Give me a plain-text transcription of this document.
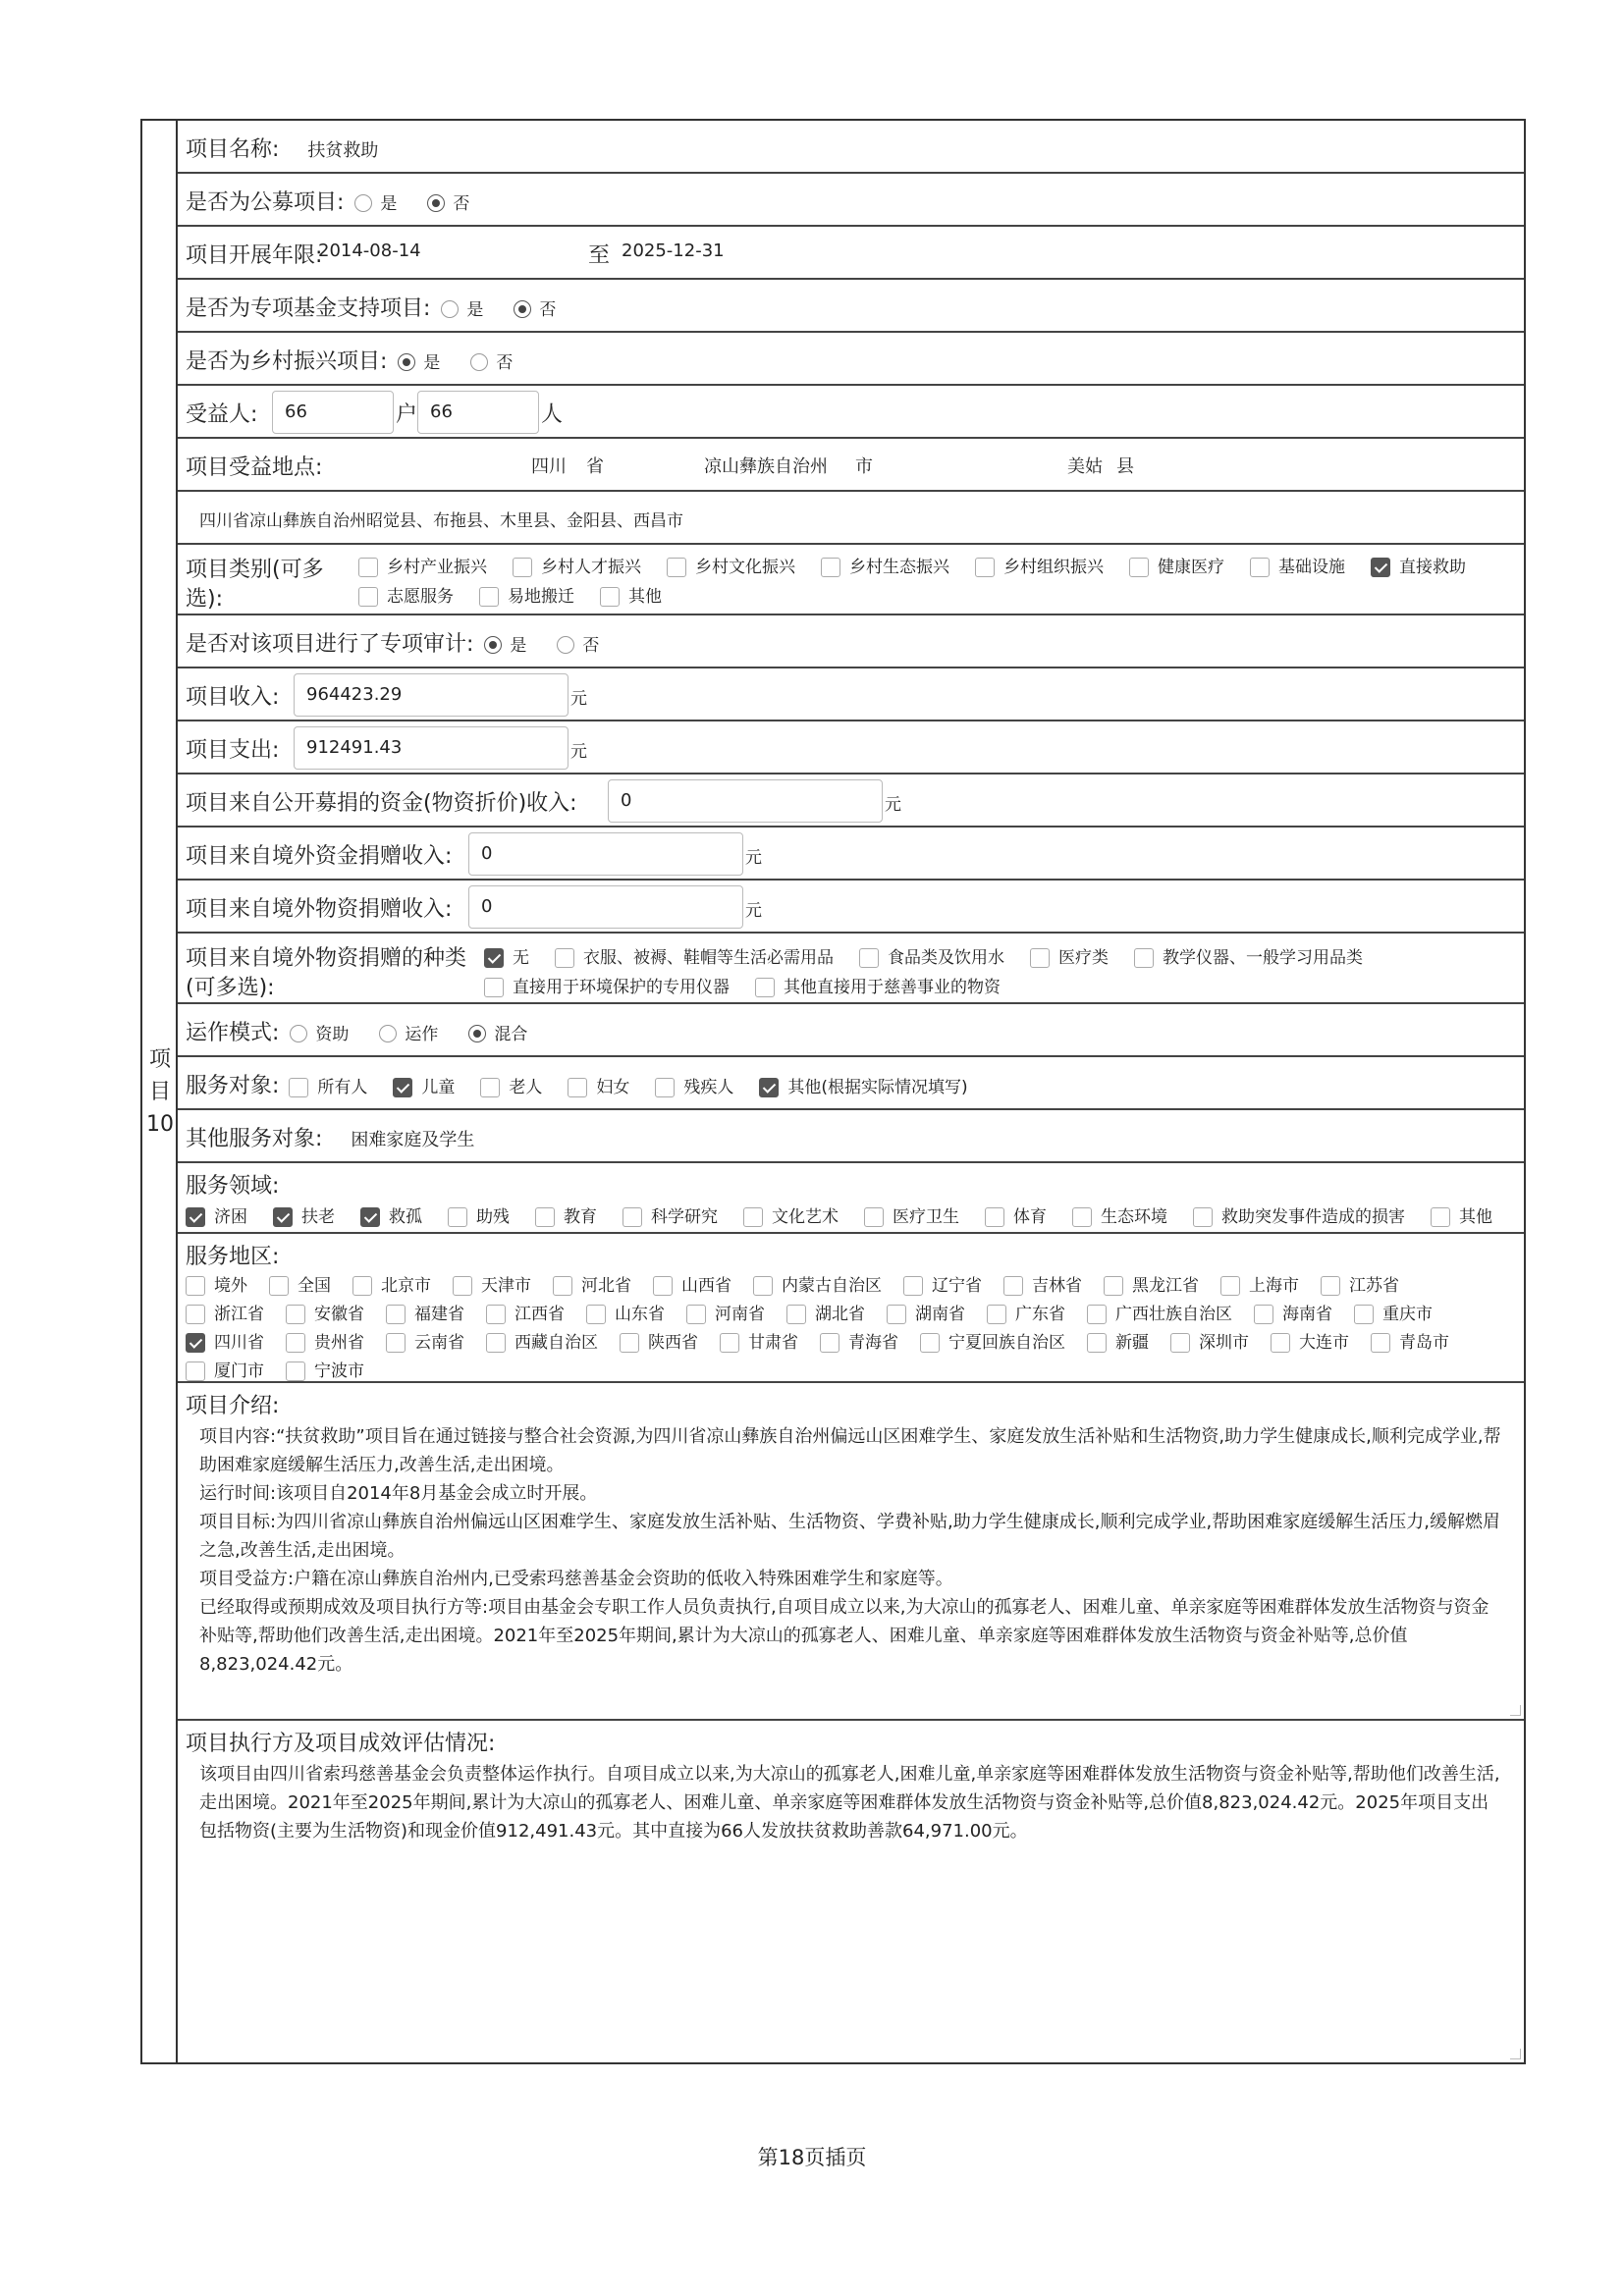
项目10
项目名称: 扶贫救助
是否为公募项目: 是	否
项目开展年限:
2014-08-14	至 2025-12-31
是否为专项基金支持项目: 是	否
是否为乡村振兴项目: 是	否
受益人:	66	户 66	人
项目受益地点:	四川 省	凉山彝族自治州 市	美姑 县
四川省凉山彝族自治州昭觉县、布拖县、木里县、金阳县、西昌市
项目类别(可多
选):
乡村产业振兴	乡村人才振兴	乡村文化振兴	乡村生态振兴	乡村组织振兴	健康医疗	基础设施	直接救助
志愿服务	易地搬迁	其他
是否对该项目进行了专项审计: 是	否
项目收入:	964423.29	元
项目支出:	912491.43	元
项目来自公开募捐的资金(物资折价)收入:	0	元
项目来自境外资金捐赠收入:	0	元
项目来自境外物资捐赠收入:	0	元
项目来自境外物资捐赠的种类
(可多选):
无	衣服、被褥、鞋帽等生活必需用品	食品类及饮用水	医疗类	教学仪器、一般学习用品类
直接用于环境保护的专用仪器	其他直接用于慈善事业的物资
运作模式: 资助	运作	混合
服务对象: 所有人	儿童	老人	妇女	残疾人	其他(根据实际情况填写)
其他服务对象: 困难家庭及学生
服务领域:
济困	扶老	救孤	助残	教育	科学研究	文化艺术	医疗卫生	体育	生态环境	救助突发事件造成的损害	其他
服务地区:
境外	全国	北京市	天津市	河北省	山西省	内蒙古自治区	辽宁省	吉林省	黑龙江省	上海市	江苏省
浙江省	安徽省	福建省	江西省	山东省	河南省	湖北省	湖南省	广东省	广西壮族自治区	海南省	重庆市
四川省	贵州省	云南省	西藏自治区	陕西省	甘肃省	青海省	宁夏回族自治区	新疆	深圳市	大连市	青岛市
厦门市	宁波市
项目介绍:

项目内容:“扶贫救助”项目旨在通过链接与整合社会资源,为四川省凉山彝族自治州偏远山区困难学生、家庭发放生活补贴和生活物资,助力学生健康成长,顺利完成学业,帮助困难家庭缓解生活压力,改善生活,走出困境。

运行时间:该项目自2014年8月基金会成立时开展。

项目目标:为四川省凉山彝族自治州偏远山区困难学生、家庭发放生活补贴、生活物资、学费补贴,助力学生健康成长,顺利完成学业,帮助困难家庭缓解生活压力,缓解燃眉之急,改善生活,走出困境。

项目受益方:户籍在凉山彝族自治州内,已受索玛慈善基金会资助的低收入特殊困难学生和家庭等。

已经取得或预期成效及项目执行方等:项目由基金会专职工作人员负责执行,自项目成立以来,为大凉山的孤寡老人、困难儿童、单亲家庭等困难群体发放生活物资与资金补贴等,帮助他们改善生活,走出困境。2021年至2025年期间,累计为大凉山的孤寡老人、困难儿童、单亲家庭等困难群体发放生活物资与资金补贴等,总价值8,823,024.42元。

项目执行方及项目成效评估情况:

该项目由四川省索玛慈善基金会负责整体运作执行。自项目成立以来,为大凉山的孤寡老人,困难儿童,单亲家庭等困难群体发放生活物资与资金补贴等,帮助他们改善生活,走出困境。2021年至2025年期间,累计为大凉山的孤寡老人、困难儿童、单亲家庭等困难群体发放生活物资与资金补贴等,总价值8,823,024.42元。2025年项目支出包括物资(主要为生活物资)和现金价值912,491.43元。其中直接为66人发放扶贫救助善款64,971.00元。

第18页插页
